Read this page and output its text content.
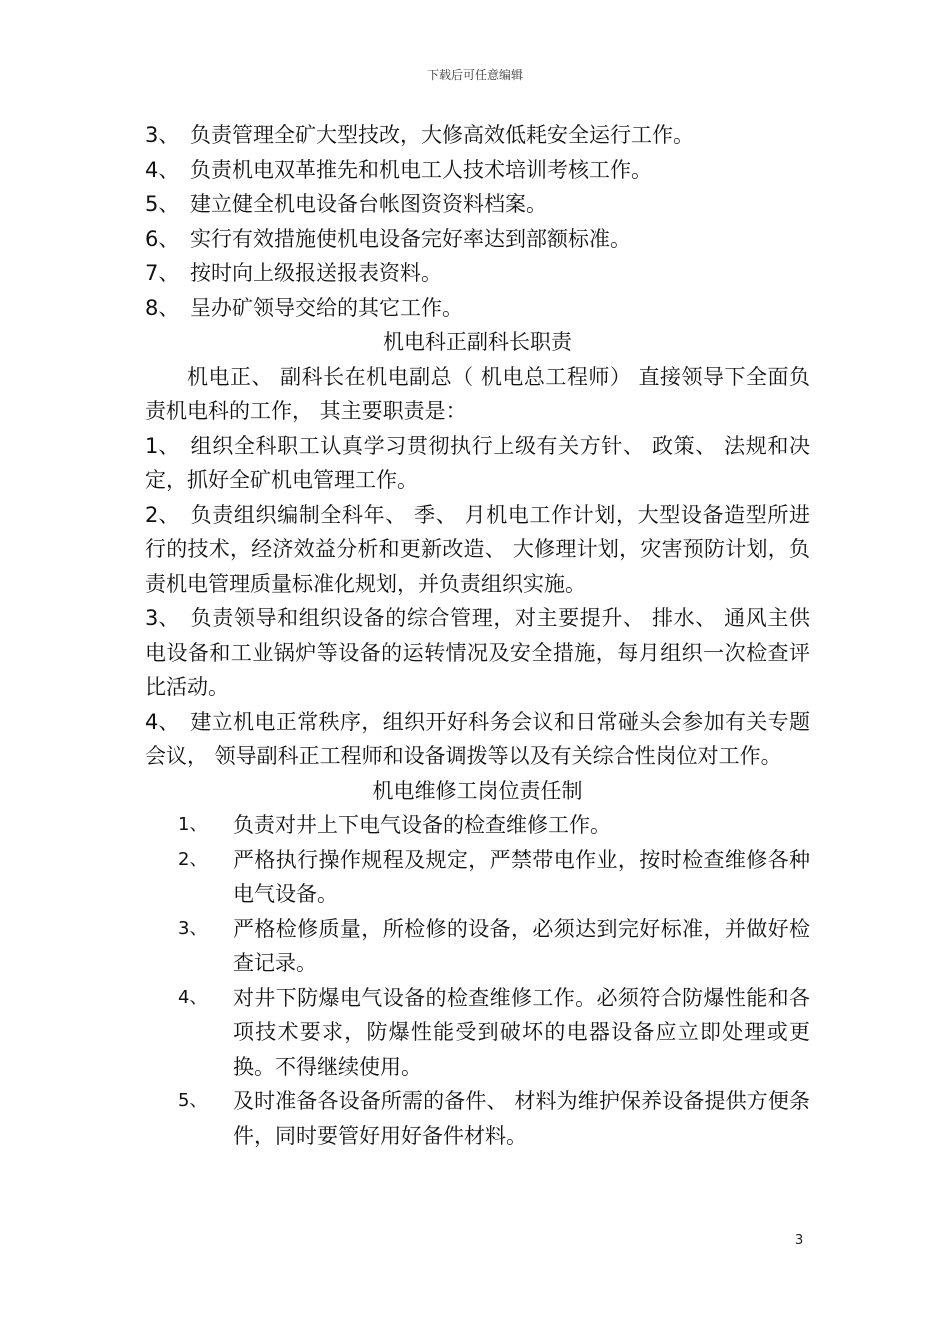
下载后可任意编辑

3、 负责管理全矿大型技改，大修高效低耗安全运行工作。

4、 负责机电双革推先和机电工人技术培训考核工作。

5、 建立健全机电设备台帐图资资料档案。

6、 实行有效措施使机电设备完好率达到部额标准。

7、 按时向上级报送报表资料。

8、 呈办矿领导交给的其它工作。

机电科正副科长职责

机电正、 副科长在机电副总（ 机电总工程师） 直接领导下全面负责机电科的工作， 其主要职责是：

1、 组织全科职工认真学习贯彻执行上级有关方针、 政策、 法规和决定，抓好全矿机电管理工作。

2、 负责组织编制全科年、 季、 月机电工作计划，大型设备造型所进行的技术，经济效益分析和更新改造、 大修理计划，灾害预防计划，负责机电管理质量标准化规划，并负责组织实施。

3、 负责领导和组织设备的综合管理，对主要提升、 排水、 通风主供电设备和工业锅炉等设备的运转情况及安全措施，每月组织一次检查评比活动。

4、 建立机电正常秩序，组织开好科务会议和日常碰头会参加有关专题会议， 领导副科正工程师和设备调拨等以及有关综合性岗位对工作。

机电维修工岗位责任制

1、 负责对井上下电气设备的检查维修工作。

2、 严格执行操作规程及规定，严禁带电作业，按时检查维修各种电气设备。

3、 严格检修质量，所检修的设备，必须达到完好标准，并做好检查记录。

4、 对井下防爆电气设备的检查维修工作。必须符合防爆性能和各项技术要求，防爆性能受到破坏的电器设备应立即处理或更换。不得继续使用。

5、 及时准备各设备所需的备件、 材料为维护保养设备提供方便条件，同时要管好用好备件材料。

3
